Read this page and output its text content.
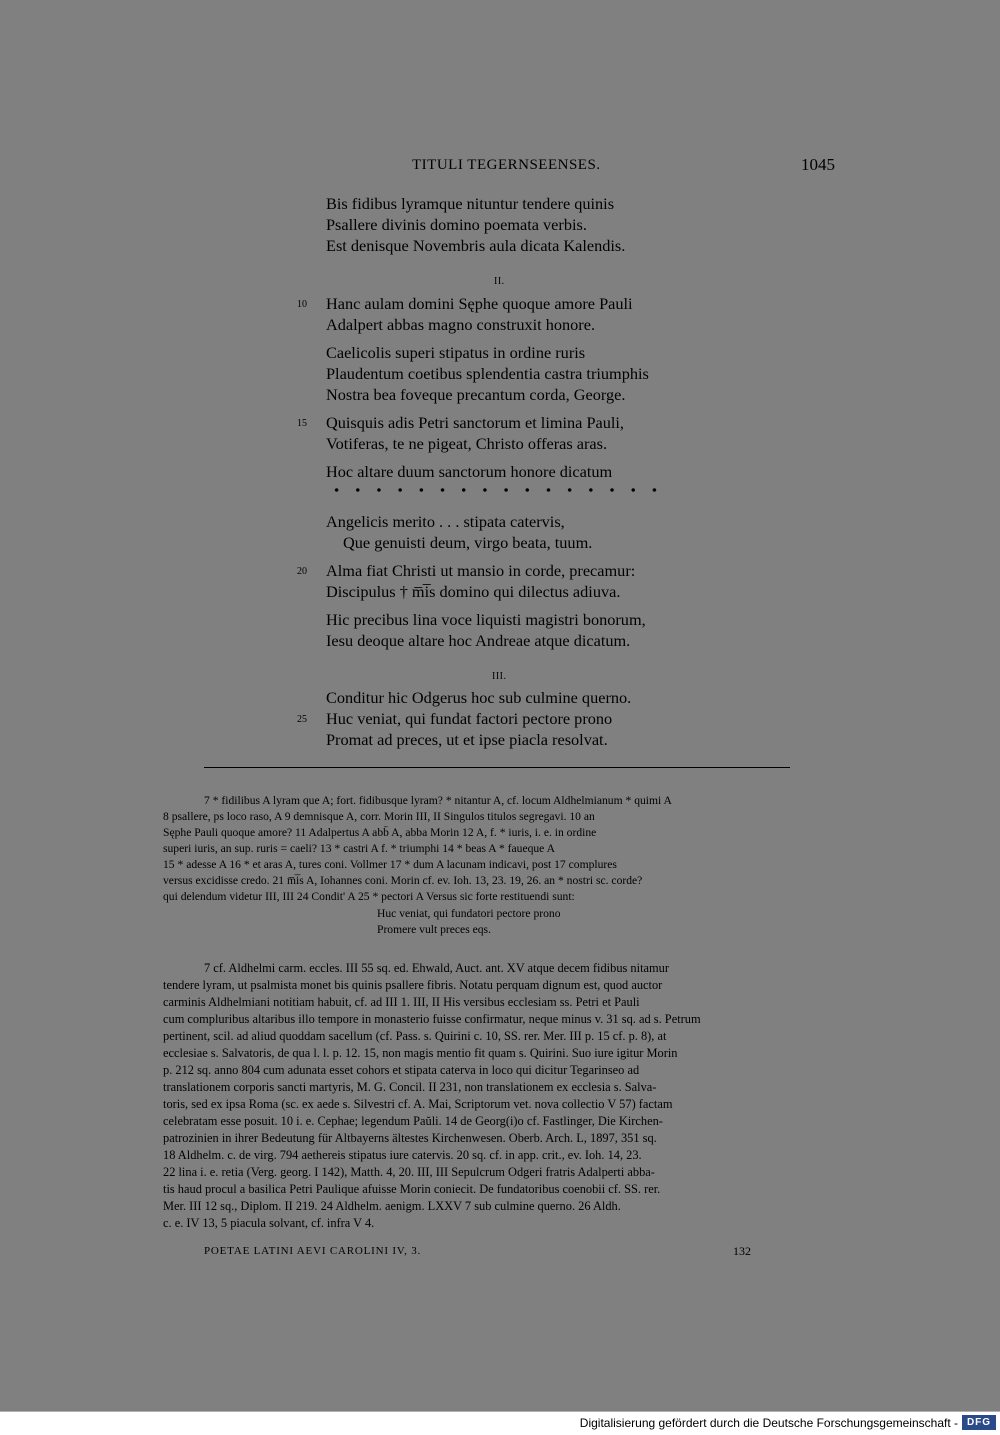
TITULI TEGERNSEENSES.	1045
Bis fidibus lyramque nituntur tendere quinis
Psallere divinis domino poemata verbis.
Est denisque Novembris aula dicata Kalendis.
II.
10 Hanc aulam domini Sęphe quoque amore Pauli
Adalpert abbas magno construxit honore.
Caelicolis superi stipatus in ordine ruris
Plaudentum coetibus splendentia castra triumphis
Nostra bea foveque precantum corda, George.
15 Quisquis adis Petri sanctorum et limina Pauli,
Votiferas, te ne pigeat, Christo offeras aras.
Hoc altare duum sanctorum honore dicatum
Angelicis merito . . . stipata catervis,
Que genuisti deum, virgo beata, tuum.
20 Alma fiat Christi ut mansio in corde, precamur:
Discipulus † m̅i̅s domino qui dilectus adiuva.
Hic precibus lina voce liquisti magistri bonorum,
Iesu deoque altare hoc Andreae atque dicatum.
III.
Conditur hic Odgerus hoc sub culmine querno.
25 Huc veniat, qui fundat factori pectore prono
Promat ad preces, ut et ipse piacla resolvat.
7 * fidilibus A lyram que A; fort. fidibusque lyram? * nitantur A, cf. locum Aldhelmianum * quimi A
8 psallere, ps loco raso, A 9 demnisque A, corr. Morin III, II Singulos titulos segregavi. 10 an
Sęphe Pauli quoque amore? 11 Adalpertus A abb̄ A, abba Morin 12 A, f. * iuris, i. e. in ordine
superi iuris, an sup. ruris = caeli? 13 * castri A f. * triumphi 14 * beas A * faueque A
15 * adesse A 16 * et aras A, tures coni. Vollmer 17 * dum A lacunam indicavi, post 17 complures
versus excidisse credo. 21 m̅i̅s A, Iohannes coni. Morin cf. ev. Ioh. 13, 23. 19, 26. an * nostri sc. corde?
qui delendum videtur III, III 24 Condit' A 25 * pectori A Versus sic forte restituendi sunt:
Huc veniat, qui fundatori pectore prono
Promere vult preces eqs.
7 cf. Aldhelmi carm. eccles. III 55 sq. ed. Ehwald, Auct. ant. XV atque decem fidibus nitamur
tendere lyram, ut psalmista monet bis quinis psallere fibris. Notatu perquam dignum est, quod auctor
carminis Aldhelmiani notitiam habuit, cf. ad III 1. III, II His versibus ecclesiam ss. Petri et Pauli
cum compluribus altaribus illo tempore in monasterio fuisse confirmatur, neque minus v. 31 sq. ad s. Petrum
pertinent, scil. ad aliud quoddam sacellum (cf. Pass. s. Quirini c. 10, SS. rer. Mer. III p. 15 cf. p. 8), at
ecclesiae s. Salvatoris, de qua l. l. p. 12. 15, non magis mentio fit quam s. Quirini. Suo iure igitur Morin
p. 212 sq. anno 804 cum adunata esset cohors et stipata caterva in loco qui dicitur Tegarinseo ad
translationem corporis sancti martyris, M. G. Concil. II 231, non translationem ex ecclesia s. Salva-
toris, sed ex ipsa Roma (sc. ex aede s. Silvestri cf. A. Mai, Scriptorum vet. nova collectio V 57) factam
celebratam esse posuit. 10 i. e. Cephae; legendum Paŭli. 14 de Georg(i)o cf. Fastlinger, Die Kirchen-
patrozinien in ihrer Bedeutung für Altbayerns ältestes Kirchenwesen. Oberb. Arch. L, 1897, 351 sq.
18 Aldhelm. c. de virg. 794 aethereis stipatus iure catervis. 20 sq. cf. in app. crit., ev. Ioh. 14, 23.
22 lina i. e. retia (Verg. georg. I 142), Matth. 4, 20. III, III Sepulcrum Odgeri fratris Adalperti abba-
tis haud procul a basilica Petri Paulique afuisse Morin coniecit. De fundatoribus coenobii cf. SS. rer.
Mer. III 12 sq., Diplom. II 219. 24 Aldhelm. aenigm. LXXV 7 sub culmine querno. 26 Aldh.
c. e. IV 13, 5 piacula solvant, cf. infra V 4.
POETAE LATINI AEVI CAROLINI IV, 3.	132
Digitalisierung gefördert durch die Deutsche Forschungsgemeinschaft - DFG
